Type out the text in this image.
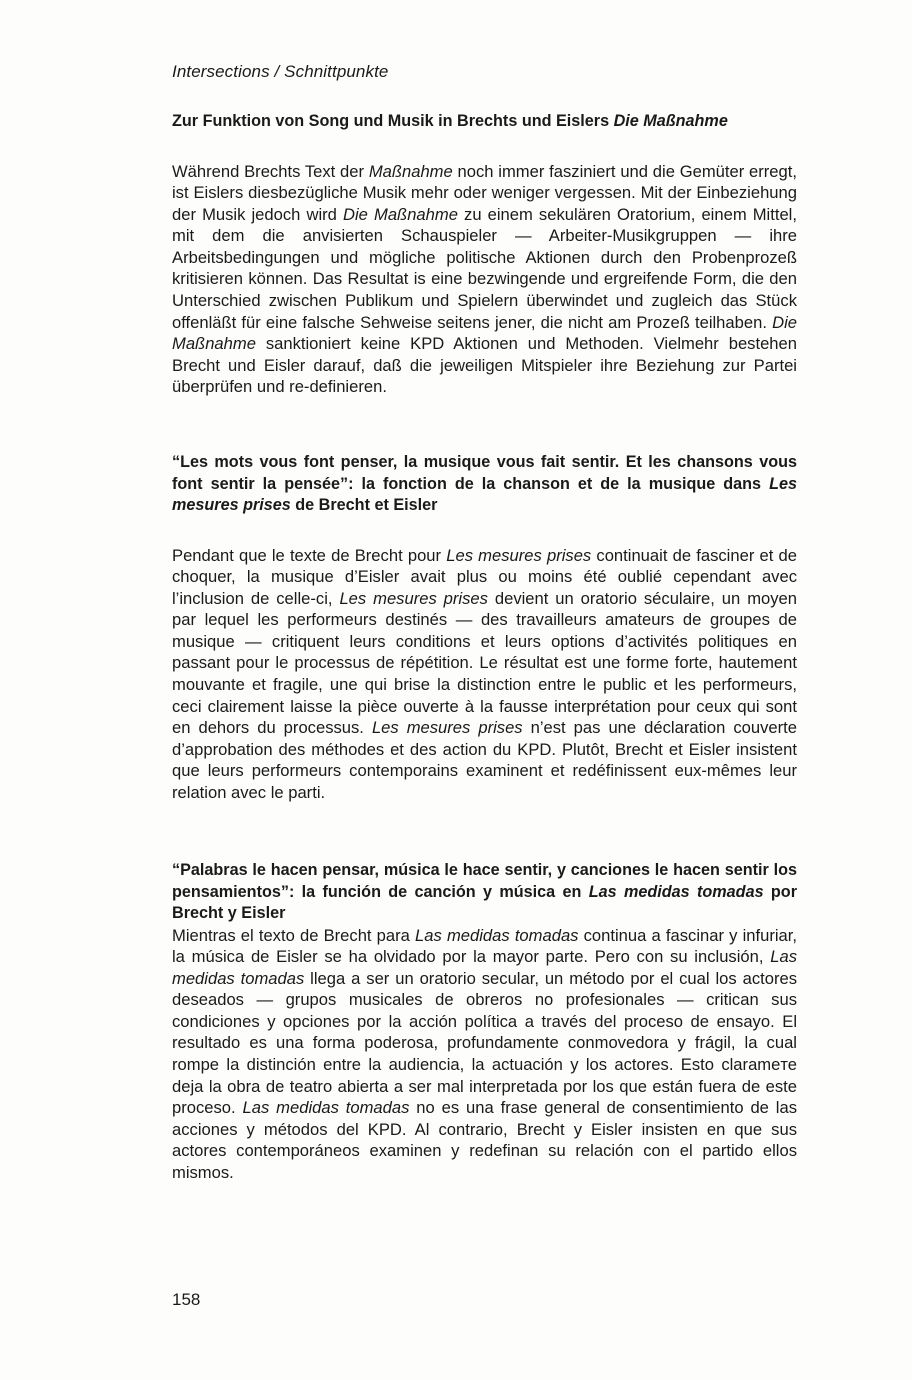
Intersections / Schnittpunkte

Zur Funktion von Song und Musik in Brechts und Eislers Die Maßnahme

Während Brechts Text der Maßnahme noch immer fasziniert und die Gemüter erregt, ist Eislers diesbezügliche Musik mehr oder weniger vergessen. Mit der Einbeziehung der Musik jedoch wird Die Maßnahme zu einem sekulären Oratorium, einem Mittel, mit dem die anvisierten Schauspieler — Arbeiter-Musikgruppen — ihre Arbeitsbedingungen und mögliche politische Aktionen durch den Probenprozeß kritisieren können. Das Resultat is eine bezwingende und ergreifende Form, die den Unterschied zwischen Publikum und Spielern überwindet und zugleich das Stück offenläßt für eine falsche Sehweise seitens jener, die nicht am Prozeß teilhaben. Die Maßnahme sanktioniert keine KPD Aktionen und Methoden. Vielmehr bestehen Brecht und Eisler darauf, daß die jeweiligen Mitspieler ihre Beziehung zur Partei überprüfen und re-definieren.

“Les mots vous font penser, la musique vous fait sentir. Et les chansons vous font sentir la pensée”: la fonction de la chanson et de la musique dans Les mesures prises de Brecht et Eisler

Pendant que le texte de Brecht pour Les mesures prises continuait de fasciner et de choquer, la musique d’Eisler avait plus ou moins été oublié cependant avec l’inclusion de celle-ci, Les mesures prises devient un oratorio séculaire, un moyen par lequel les performeurs destinés — des travailleurs amateurs de groupes de musique — critiquent leurs conditions et leurs options d’activités politiques en passant pour le processus de répétition. Le résultat est une forme forte, hautement mouvante et fragile, une qui brise la distinction entre le public et les performeurs, ceci clairement laisse la pièce ouverte à la fausse interprétation pour ceux qui sont en dehors du processus. Les mesures prises n’est pas une déclaration couverte d’approbation des méthodes et des action du KPD. Plutôt, Brecht et Eisler insistent que leurs performeurs contemporains examinent et redéfinissent eux-mêmes leur relation avec le parti.

“Palabras le hacen pensar, música le hace sentir, y canciones le hacen sentir los pensamientos”: la función de canción y música en Las medidas tomadas por Brecht y Eisler

Mientras el texto de Brecht para Las medidas tomadas continua a fascinar y infuriar, la música de Eisler se ha olvidado por la mayor parte. Pero con su inclusión, Las medidas tomadas llega a ser un oratorio secular, un método por el cual los actores deseados — grupos musicales de obreros no profesionales — critican sus condiciones y opciones por la acción política a través del proceso de ensayo. El resultado es una forma poderosa, profundamente conmovedora y frágil, la cual rompe la distinción entre la audiencia, la actuación y los actores. Esto clarameте deja la obra de teatro abierta a ser mal interpretada por los que están fuera de este proceso. Las medidas tomadas no es una frase general de consentimiento de las acciones y métodos del KPD. Al contrario, Brecht y Eisler insisten en que sus actores contemporáneos examinen y redefinan su relación con el partido ellos mismos.

158
